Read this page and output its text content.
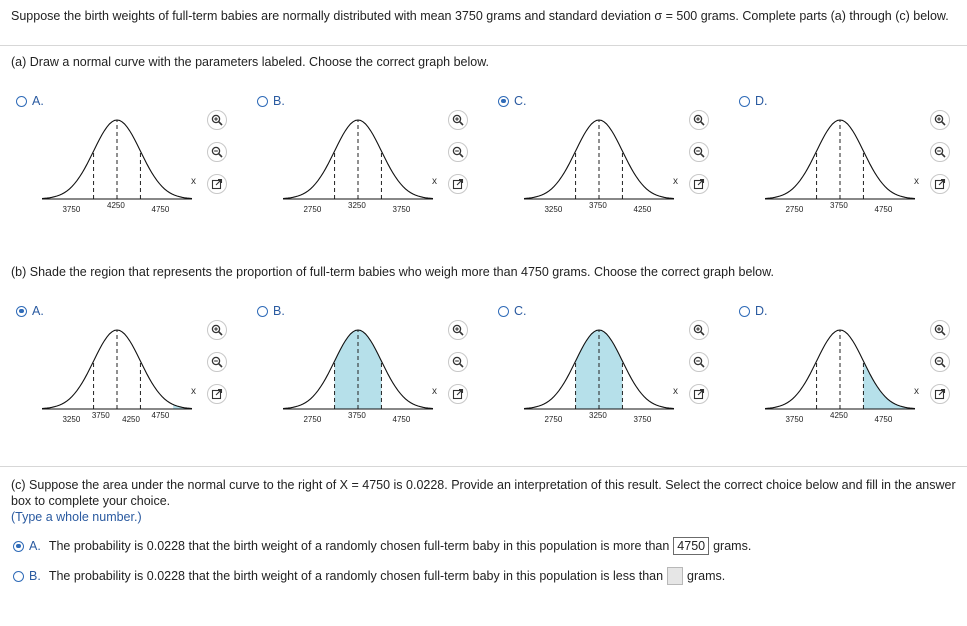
Suppose the birth weights of full-term babies are normally distributed with mean 3750 grams and standard deviation σ = 500 grams. Complete parts (a) through (c) below.
(a) Draw a normal curve with the parameters labeled. Choose the correct graph below.
A.
3750	4250	4750
x
B.
2750	3250	3750
x
C.
3250	3750	4250
x
D.
2750	3750	4750
x
(b) Shade the region that represents the proportion of full-term babies who weigh more than 4750 grams. Choose the correct graph below.
A.
3250 3750 4250 4750
x
B.
2750	3750	4750
x
C.
2750	3250	3750
x
D.
3750	4250	4750
x
(c) Suppose the area under the normal curve to the right of X = 4750 is 0.0228. Provide an interpretation of this result. Select the correct choice below and fill in the answer box to complete your choice.
(Type a whole number.)
A. The probability is 0.0228 that the birth weight of a randomly chosen full-term baby in this population is more than 4750 grams.
B. The probability is 0.0228 that the birth weight of a randomly chosen full-term baby in this population is less than grams.
